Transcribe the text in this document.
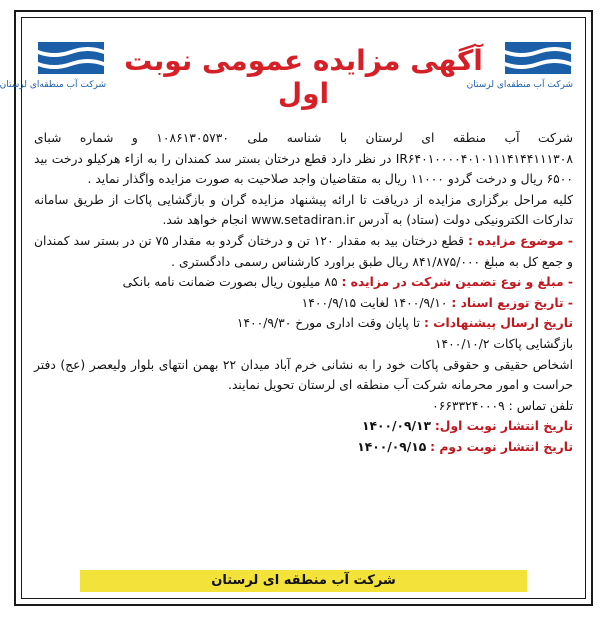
شرکت آب منطقه‌ای لرستان
آگهی مزایده عمومی نوبت اول	شرکت آب منطقه‌ای لرستان

شرکت آب منطقه ای لرستان با شناسه ملی ۱۰۸۶۱۳۰۵۷۳۰ و شماره شبای IR۶۴۰۱۰۰۰۰۴۰۱۰۱۱۱۴۱۴۴۱۱۱۳۰۸ در نظر دارد قطع درختان بستر سد کمندان را به ازاء هرکیلو درخت بید ۶۵۰۰ ریال و درخت گردو ۱۱۰۰۰ ریال به متقاضیان واجد صلاحیت به صورت مزایده واگذار نماید .

کلیه مراحل برگزاری مزایده از دریافت تا ارائه پیشنهاد مزایده گران و بازگشایی پاکات از طریق سامانه تدارکات الکترونیکی دولت (ستاد) به آدرس www.setadiran.ir انجام خواهد شد.

- موضوع مزایده : قطع درختان بید به مقدار ۱۲۰ تن و درختان گردو به مقدار ۷۵ تن در بستر سد کمندان و جمع کل به مبلغ ۸۴۱/۸۷۵/۰۰۰ ریال طبق براورد کارشناس رسمی دادگستری .

- مبلغ و نوع تضمین شرکت در مزایده : ۸۵ میلیون ریال بصورت ضمانت نامه بانکی

- تاریخ توزیع اسناد : ۱۴۰۰/۹/۱۰ لغایت ۱۴۰۰/۹/۱۵

تاریخ ارسال پیشنهادات : تا پایان وقت اداری مورخ ۱۴۰۰/۹/۳۰

بازگشایی پاکات ۱۴۰۰/۱۰/۲

اشخاص حقیقی و حقوقی پاکات خود را به نشانی خرم آباد میدان ۲۲ بهمن انتهای بلوار ولیعصر (عج) دفتر حراست و امور محرمانه شرکت آب منطقه ای لرستان تحویل نمایند.

تلفن تماس : ۰۶۶۳۳۲۴۰۰۰۹

تاریخ انتشار نوبت اول: ۱۴۰۰/۰۹/۱۳

تاریخ انتشار نوبت دوم : ۱۴۰۰/۰۹/۱۵

شرکت آب منطقه ای لرستان
